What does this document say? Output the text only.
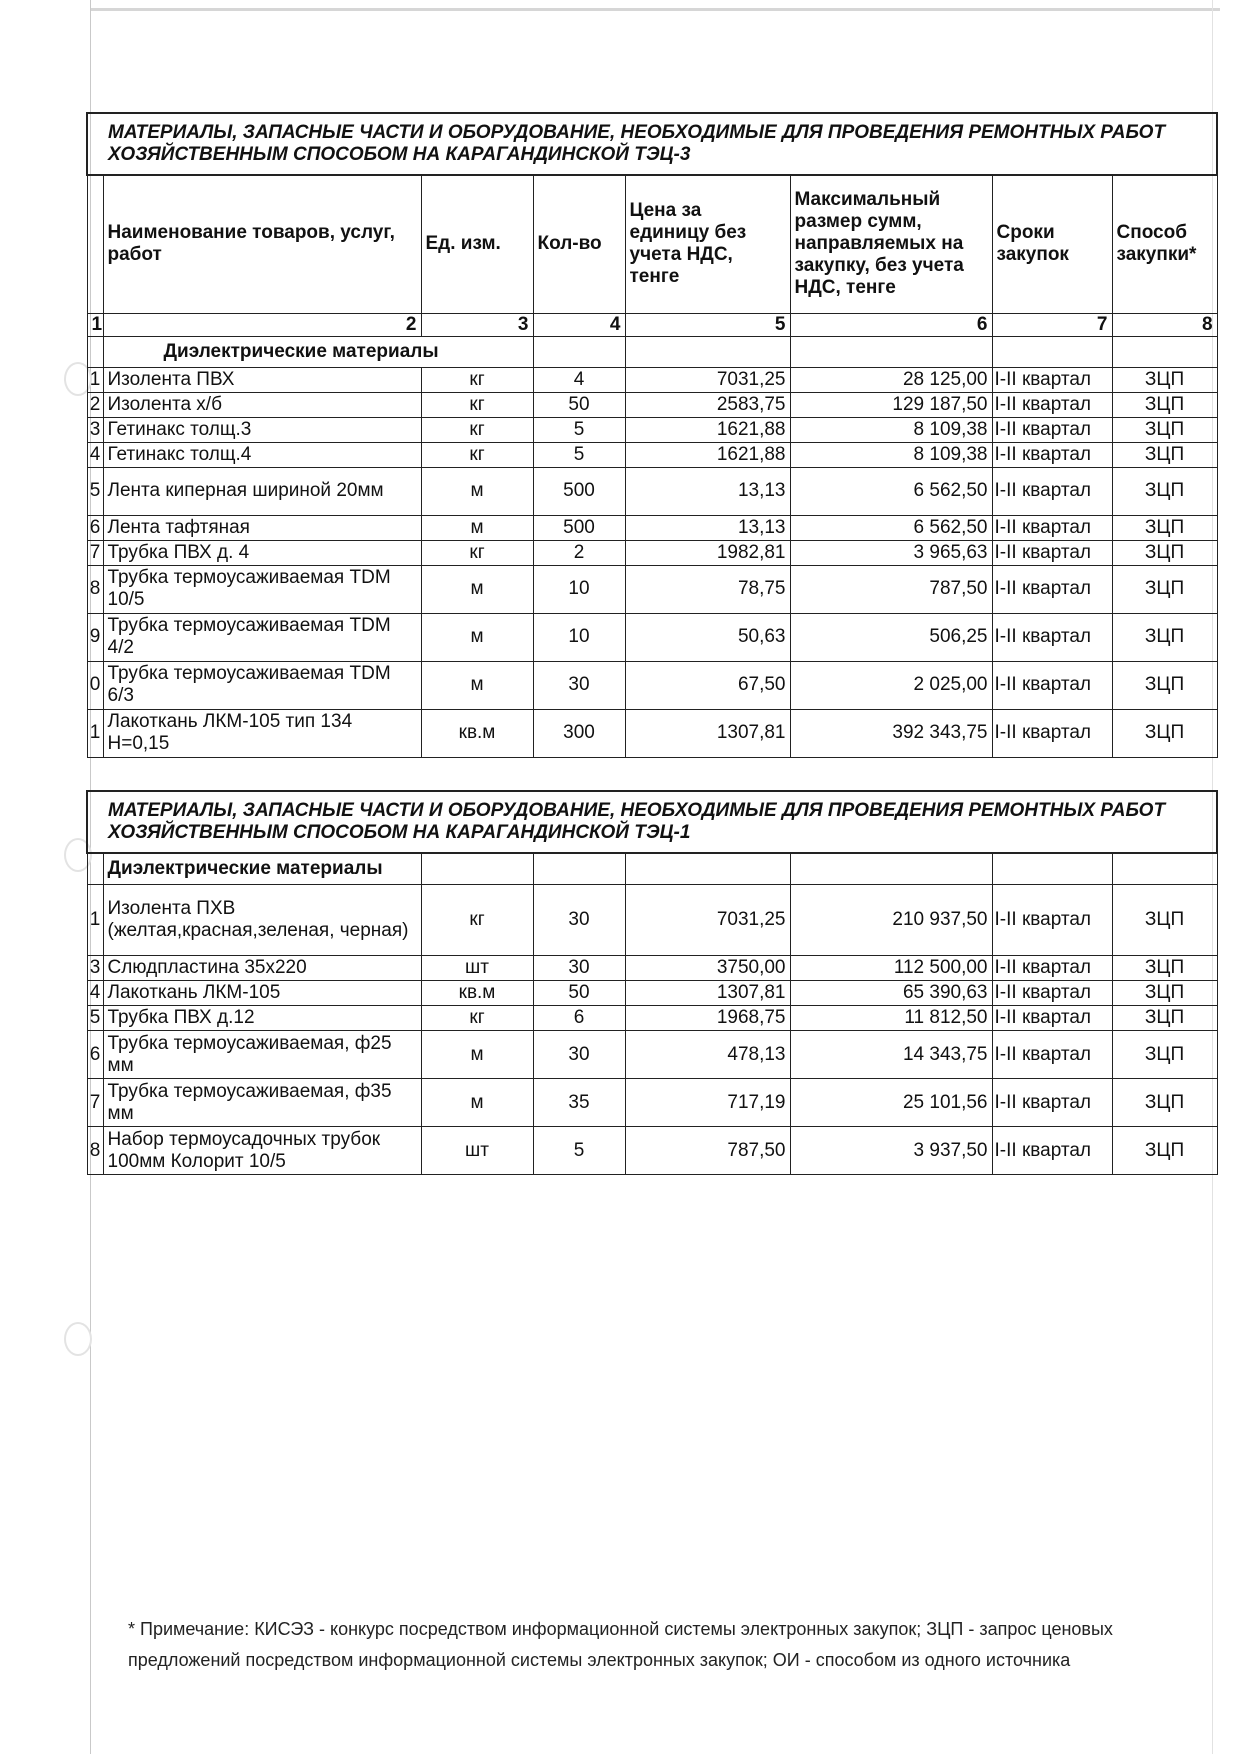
МАТЕРИАЛЫ, ЗАПАСНЫЕ ЧАСТИ И ОБОРУДОВАНИЕ, НЕОБХОДИМЫЕ ДЛЯ ПРОВЕДЕНИЯ РЕМОНТНЫХ РАБОТ ХОЗЯЙСТВЕННЫМ СПОСОБОМ НА КАРАГАНДИНСКОЙ ТЭЦ-3							
	Наименование товаров, услуг, работ	Ед. изм.	Кол-во	Цена за единицу без учета НДС, тенге	Максимальный размер сумм, направляемых на закупку, без учета НДС, тенге	Сроки закупок	Способ закупки*
1	2	3	4	5	6	7	8
	Диэлектрические материалы						
1	Изолента ПВХ	кг	4	7031,25	28 125,00	I-II квартал	ЗЦП
2	Изолента х/б	кг	50	2583,75	129 187,50	I-II квартал	ЗЦП
3	Гетинакс толщ.3	кг	5	1621,88	8 109,38	I-II квартал	ЗЦП
4	Гетинакс толщ.4	кг	5	1621,88	8 109,38	I-II квартал	ЗЦП
5	Лента киперная шириной 20мм	м	500	13,13	6 562,50	I-II квартал	ЗЦП
6	Лента тафтяная	м	500	13,13	6 562,50	I-II квартал	ЗЦП
7	Трубка ПВХ д. 4	кг	2	1982,81	3 965,63	I-II квартал	ЗЦП
8	Трубка термоусаживаемая TDM 10/5	м	10	78,75	787,50	I-II квартал	ЗЦП
9	Трубка термоусаживаемая TDM 4/2	м	10	50,63	506,25	I-II квартал	ЗЦП
0	Трубка термоусаживаемая TDM 6/3	м	30	67,50	2 025,00	I-II квартал	ЗЦП
1	Лакоткань ЛКМ-105 тип 134 Н=0,15	кв.м	300	1307,81	392 343,75	I-II квартал	ЗЦП
МАТЕРИАЛЫ, ЗАПАСНЫЕ ЧАСТИ И ОБОРУДОВАНИЕ, НЕОБХОДИМЫЕ ДЛЯ ПРОВЕДЕНИЯ РЕМОНТНЫХ РАБОТ ХОЗЯЙСТВЕННЫМ СПОСОБОМ НА КАРАГАНДИНСКОЙ ТЭЦ-1							
	Диэлектрические материалы						
1	Изолента ПХВ (желтая,красная,зеленая, черная)	кг	30	7031,25	210 937,50	I-II квартал	ЗЦП
3	Слюдпластина 35х220	шт	30	3750,00	112 500,00	I-II квартал	ЗЦП
4	Лакоткань ЛКМ-105	кв.м	50	1307,81	65 390,63	I-II квартал	ЗЦП
5	Трубка ПВХ д.12	кг	6	1968,75	11 812,50	I-II квартал	ЗЦП
6	Трубка термоусаживаемая, ф25 мм	м	30	478,13	14 343,75	I-II квартал	ЗЦП
7	Трубка термоусаживаемая, ф35 мм	м	35	717,19	25 101,56	I-II квартал	ЗЦП
8	Набор термоусадочных трубок 100мм Колорит 10/5	шт	5	787,50	3 937,50	I-II квартал	ЗЦП
* Примечание: КИСЭЗ - конкурс посредством информационной системы электронных закупок; ЗЦП - запрос ценовых предложений посредством информационной системы электронных закупок; ОИ - способом из одного источника
